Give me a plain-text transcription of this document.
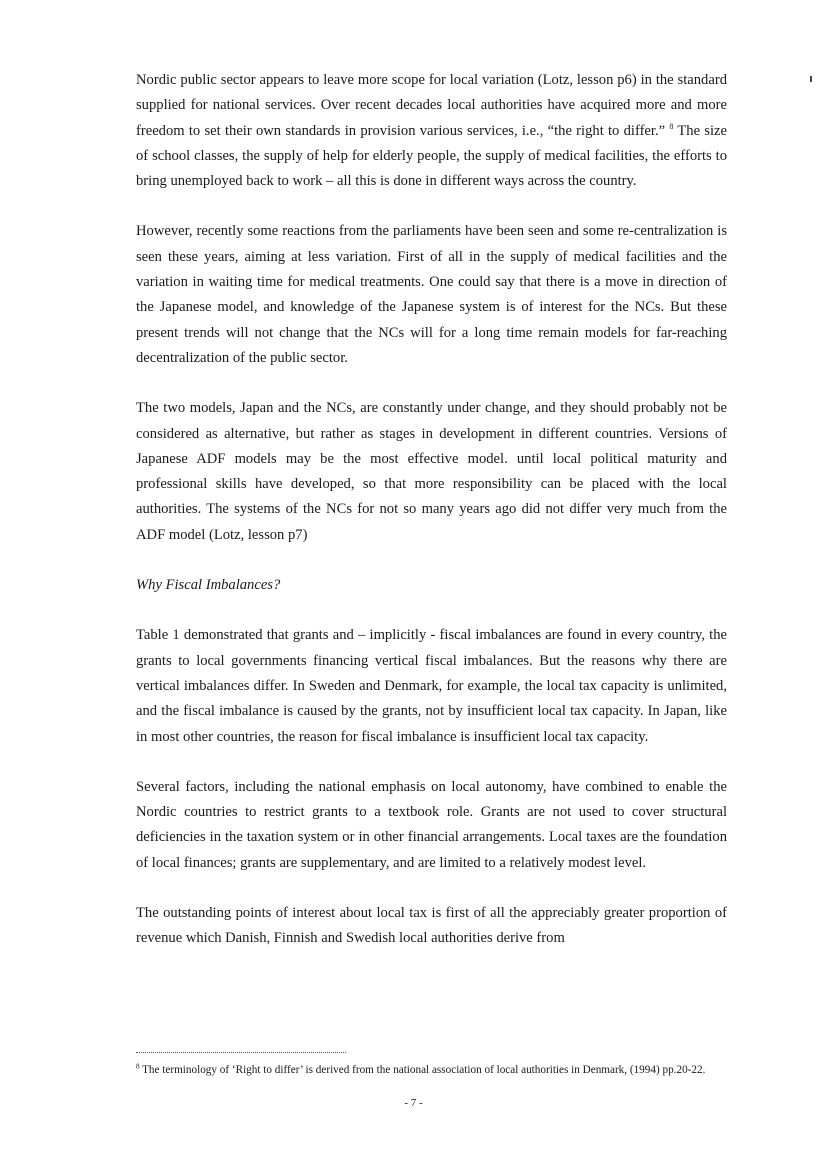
Nordic public sector appears to leave more scope for local variation (Lotz, lesson p6) in the standard supplied for national services. Over recent decades local authorities have acquired more and more freedom to set their own standards in provision various services, i.e., “the right to differ.” $^8$ The size of school classes, the supply of help for elderly people, the supply of medical facilities, the efforts to bring unemployed back to work – all this is done in different ways across the country.

However, recently some reactions from the parliaments have been seen and some re-centralization is seen these years, aiming at less variation. First of all in the supply of medical facilities and the variation in waiting time for medical treatments. One could say that there is a move in direction of the Japanese model, and knowledge of the Japanese system is of interest for the NCs. But these present trends will not change that the NCs will for a long time remain models for far-reaching decentralization of the public sector.

The two models, Japan and the NCs, are constantly under change, and they should probably not be considered as alternative, but rather as stages in development in different countries. Versions of Japanese ADF models may be the most effective model. until local political maturity and professional skills have developed, so that more responsibility can be placed with the local authorities. The systems of the NCs for not so many years ago did not differ very much from the ADF model (Lotz, lesson p7)

Why Fiscal Imbalances?

Table 1 demonstrated that grants and – implicitly - fiscal imbalances are found in every country, the grants to local governments financing vertical fiscal imbalances. But the reasons why there are vertical imbalances differ. In Sweden and Denmark, for example, the local tax capacity is unlimited, and the fiscal imbalance is caused by the grants, not by insufficient local tax capacity. In Japan, like in most other countries, the reason for fiscal imbalance is insufficient local tax capacity.

Several factors, including the national emphasis on local autonomy, have combined to enable the Nordic countries to restrict grants to a textbook role. Grants are not used to cover structural deficiencies in the taxation system or in other financial arrangements. Local taxes are the foundation of local finances; grants are supplementary, and are limited to a relatively modest level.

The outstanding points of interest about local tax is first of all the appreciably greater proportion of revenue which Danish, Finnish and Swedish local authorities derive from

$^8$ The terminology of ‘Right to differ’ is derived from the national association of local authorities in Denmark, (1994) pp.20-22.
- 7 -
